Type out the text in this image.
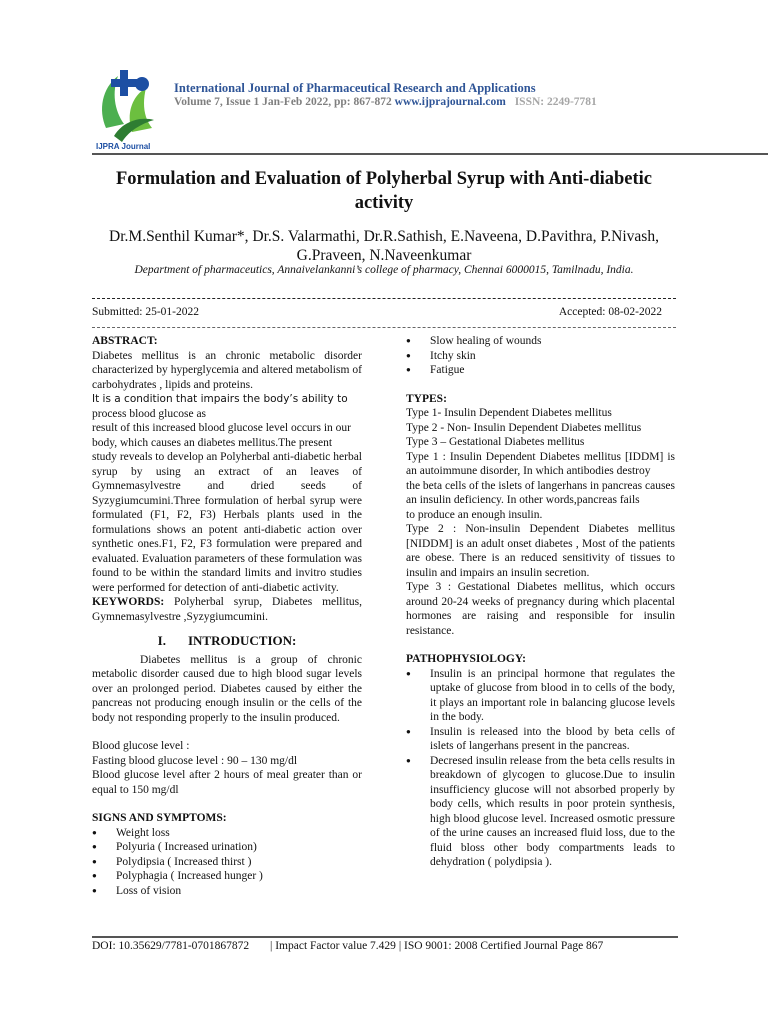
IJPRA Journal
International Journal of Pharmaceutical Research and Applications
Volume 7, Issue 1 Jan-Feb 2022, pp: 867-872 www.ijprajournal.com ISSN: 2249-7781
Formulation and Evaluation of Polyherbal Syrup with Anti-diabetic activity
Dr.M.Senthil Kumar*, Dr.S. Valarmathi, Dr.R.Sathish, E.Naveena, D.Pavithra, P.Nivash, G.Praveen, N.Naveenkumar
Department of pharmaceutics, Annaivelankanni’s college of pharmacy, Chennai 6000015, Tamilnadu, India.
Submitted: 25-01-2022	Accepted: 08-02-2022
ABSTRACT:

Diabetes mellitus is an chronic metabolic disorder characterized by hyperglycemia and altered metabolism of carbohydrates , lipids and proteins.

It is a condition that impairs the body’s ability to

process blood glucose as

result of this increased blood glucose level occurs in our body, which causes an diabetes mellitus.The present

study reveals to develop an Polyherbal anti-diabetic herbal syrup by using an extract of an leaves of Gymnemasylvestre and dried seeds of Syzygiumcumini.Three formulation of herbal syrup were formulated (F1, F2, F3) Herbals plants used in the formulations shows an potent anti-diabetic action over synthetic ones.F1, F2, F3 formulation were prepared and evaluated. Evaluation parameters of these formulation was found to be within the standard limits and invitro studies were performed for detection of anti-diabetic activity.

KEYWORDS: Polyherbal syrup, Diabetes mellitus, Gymnemasylvestre ,Syzygiumcumini.

I. INTRODUCTION:

Diabetes mellitus is a group of chronic metabolic disorder caused due to high blood sugar levels over an prolonged period. Diabetes caused by either the pancreas not producing enough insulin or the cells of the body not responding properly to the insulin produced.

Blood glucose level :

Fasting blood glucose level : 90 – 130 mg/dl

Blood glucose level after 2 hours of meal greater than or equal to 150 mg/dl

SIGNS AND SYMPTOMS:
● Weight loss
● Polyuria ( Increased urination)
● Polydipsia ( Increased thirst )
● Polyphagia ( Increased hunger )
● Loss of vision
● Slow healing of wounds
● Itchy skin
● Fatigue
TYPES:

Type 1- Insulin Dependent Diabetes mellitus

Type 2 - Non- Insulin Dependent Diabetes mellitus

Type 3 – Gestational Diabetes mellitus

Type 1 : Insulin Dependent Diabetes mellitus [IDDM] is an autoimmune disorder, In which antibodies destroy

the beta cells of the islets of langerhans in pancreas causes an insulin deficiency. In other words,pancreas fails

to produce an enough insulin.

Type 2 : Non-insulin Dependent Diabetes mellitus [NIDDM] is an adult onset diabetes , Most of the patients are obese. There is an reduced sensitivity of tissues to insulin and impairs an insulin secretion.

Type 3 : Gestational Diabetes mellitus, which occurs around 20-24 weeks of pregnancy during which placental hormones are raising and responsible for insulin resistance.

PATHOPHYSIOLOGY:
● Insulin is an principal hormone that regulates the uptake of glucose from blood in to cells of the body, it plays an important role in balancing glucose levels in the body.
● Insulin is released into the blood by beta cells of islets of langerhans present in the pancreas.
● Decresed insulin release from the beta cells results in breakdown of glycogen to glucose.Due to insulin insufficiency glucose will not absorbed properly by body cells, which results in poor protein synthesis, high blood glucose level. Increased osmotic pressure of the urine causes an increased fluid loss, due to the fluid bloss other body compartments leads to dehydration ( polydipsia ).
DOI: 10.35629/7781-0701867872 | Impact Factor value 7.429 | ISO 9001: 2008 Certified Journal Page 867
